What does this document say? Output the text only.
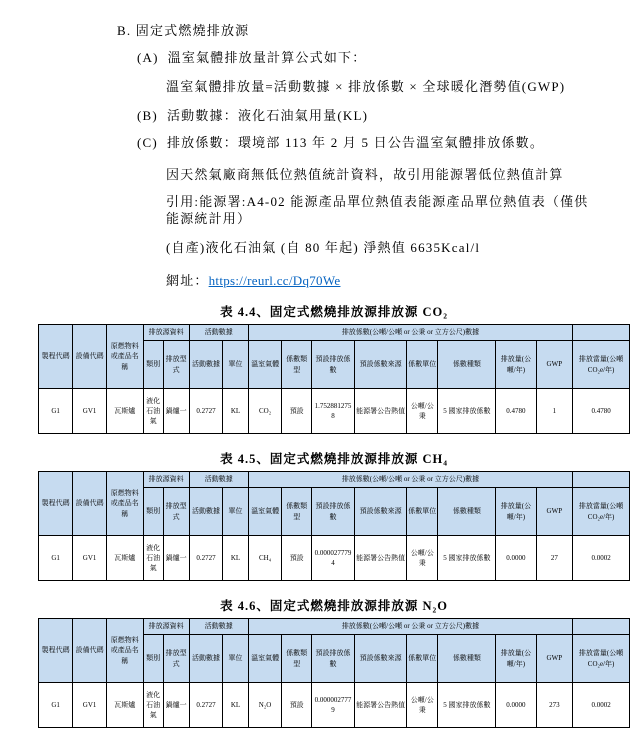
B. 固定式燃燒排放源
(A) 溫室氣體排放量計算公式如下：
溫室氣體排放量=活動數據 × 排放係數 × 全球暖化潛勢值(GWP)
(B) 活動數據：液化石油氣用量(KL)
(C) 排放係數：環境部 113 年 2 月 5 日公告溫室氣體排放係數。
因天然氣廠商無低位熱值統計資料，故引用能源署低位熱值計算
引用:能源署:A4-02 能源產品單位熱值表能源產品單位熱值表（僅供能源統計用）
(自產)液化石油氣 (自 80 年起) 淨熱值 6635Kcal/l
網址：https://reurl.cc/Dq70We
表 4.4、固定式燃燒排放源排放源 CO₂
製程代碼	設備代碼	原燃物料或產品名稱	排放源資料		活動數據		排放係數(公噸/公噸 or 公秉 or 立方公尺)數據								
			類別	排放型式	活動數據	單位	溫室氣體	係數類型	預設排放係數	預設係數來源	係數單位	係數種類	排放量(公噸/年)	GWP	排放當量(公噸 CO₂e/年)
G1	GV1	瓦斯爐	液化石油氣	鍋爐一	0.2727	KL	CO₂	預設	1.7528812758	能源署公告熱值	公噸/公秉	5 國家排放係數	0.4780	1	0.4780
表 4.5、固定式燃燒排放源排放源 CH₄
製程代碼	設備代碼	原燃物料或產品名稱	排放源資料		活動數據		排放係數(公噸/公噸 or 公秉 or 立方公尺)數據								
			類別	排放型式	活動數據	單位	溫室氣體	係數類型	預設排放係數	預設係數來源	係數單位	係數種類	排放量(公噸/年)	GWP	排放當量(公噸 CO₂e/年)
G1	GV1	瓦斯爐	液化石油氣	鍋爐一	0.2727	KL	CH₄	預設	0.0000277794	能源署公告熱值	公噸/公秉	5 國家排放係數	0.0000	27	0.0002
表 4.6、固定式燃燒排放源排放源 N₂O
製程代碼	設備代碼	原燃物料或產品名稱	排放源資料		活動數據		排放係數(公噸/公噸 or 公秉 or 立方公尺)數據								
			類別	排放型式	活動數據	單位	溫室氣體	係數類型	預設排放係數	預設係數來源	係數單位	係數種類	排放量(公噸/年)	GWP	排放當量(公噸 CO₂e/年)
G1	GV1	瓦斯爐	液化石油氣	鍋爐一	0.2727	KL	N₂O	預設	0.0000027779	能源署公告熱值	公噸/公秉	5 國家排放係數	0.0000	273	0.0002
